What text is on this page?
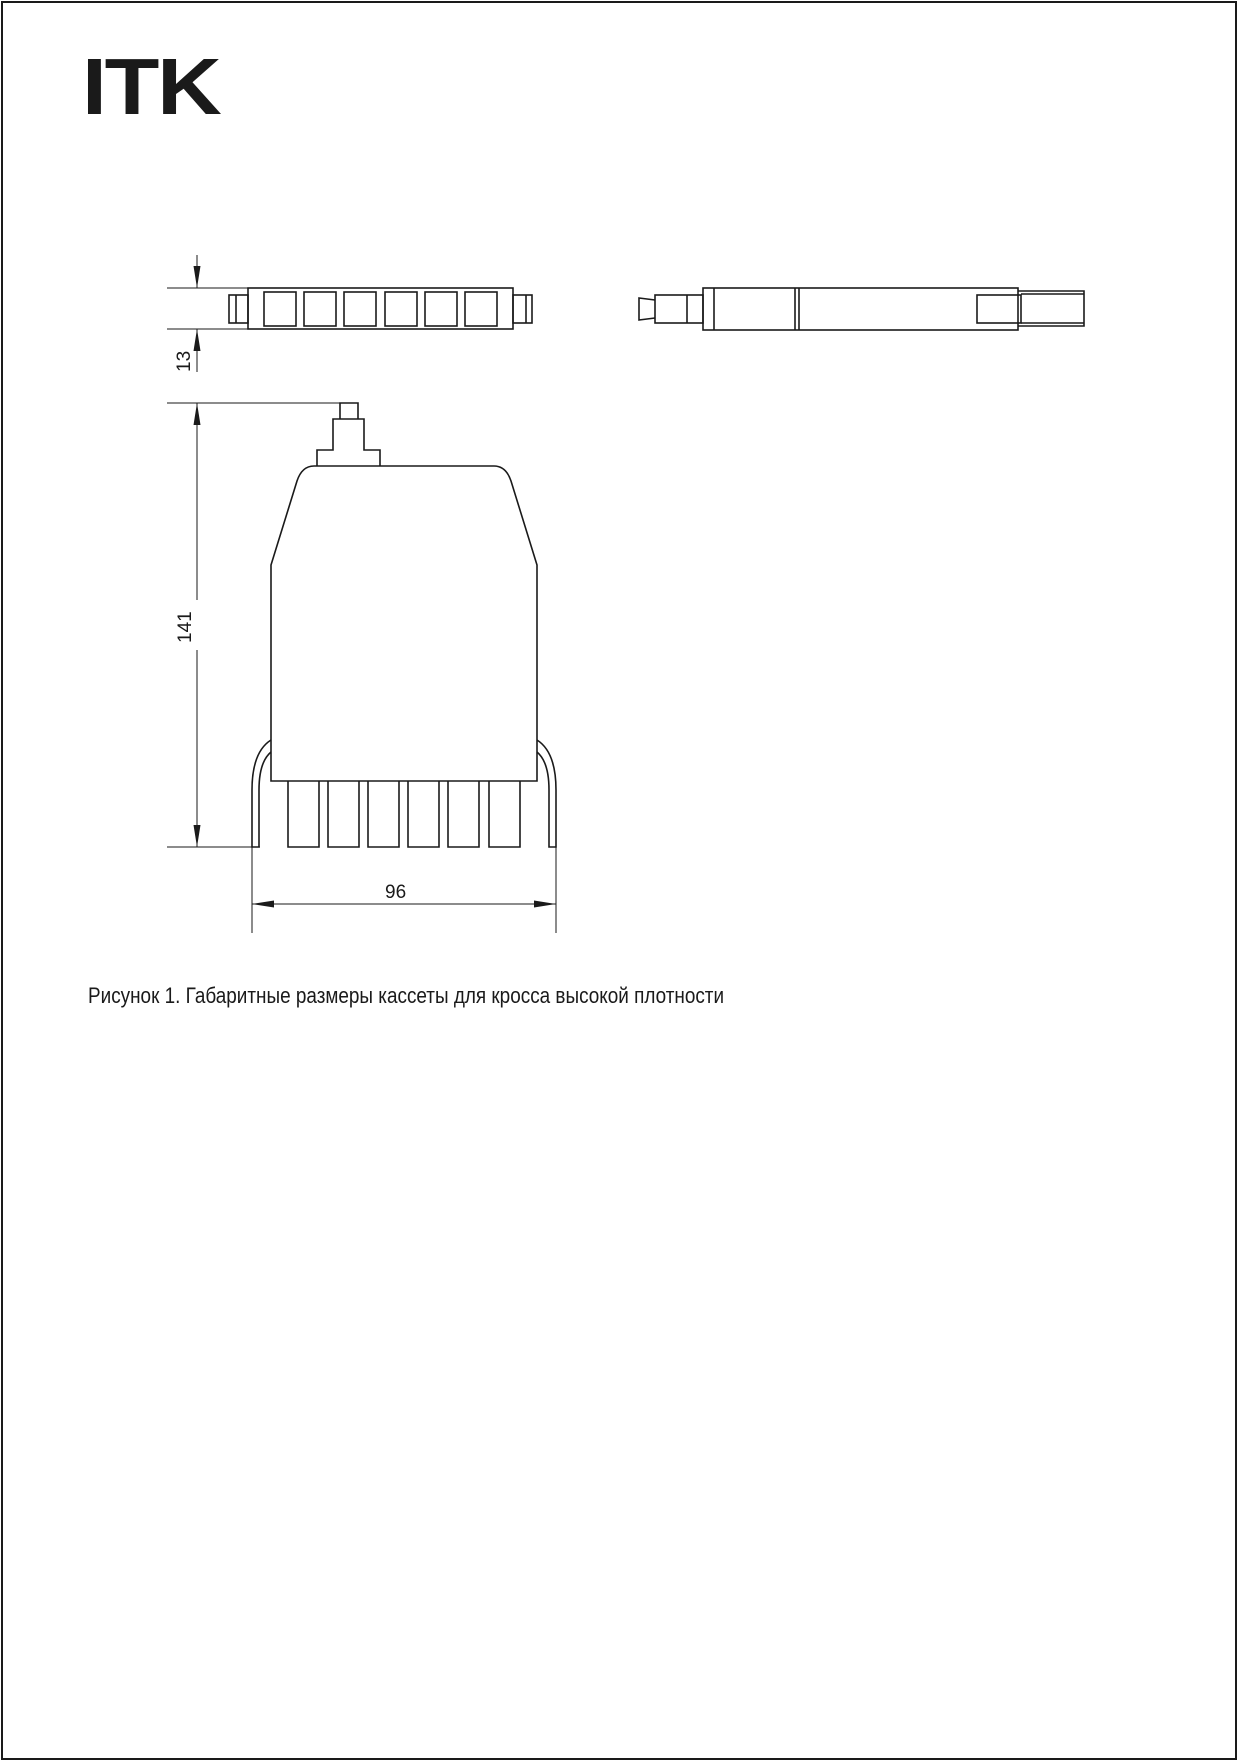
ITK
13
141
96
Рисунок 1. Габаритные размеры кассеты для кросса высокой плотности
